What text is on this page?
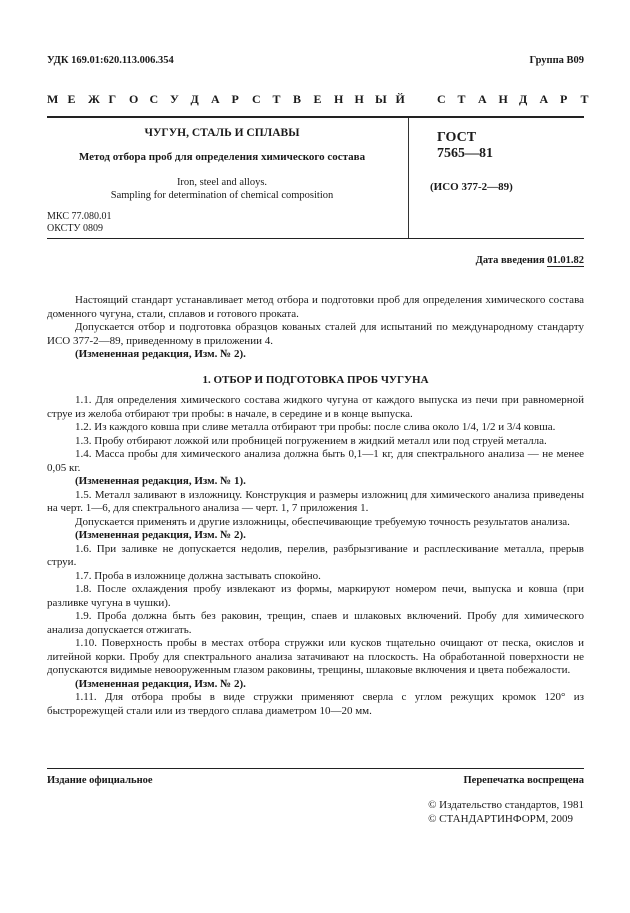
УДК 169.01:620.113.006.354	Группа В09
М Е Ж Г О С У Д А Р С Т В Е Н Н Ы Й	С Т А Н Д А Р Т
ЧУГУН, СТАЛЬ И СПЛАВЫ
Метод отбора проб для определения химического состава
Iron, steel and alloys.
Sampling for determination of chemical composition
ГОСТ
7565—81
(ИСО 377-2—89)
МКС 77.080.01
ОКСТУ 0809
Дата введения 01.01.82

Настоящий стандарт устанавливает метод отбора и подготовки проб для определения химического состава доменного чугуна, стали, сплавов и готового проката.

Допускается отбор и подготовка образцов кованых сталей для испытаний по международному стандарту ИСО 377-2—89, приведенному в приложении 4.

(Измененная редакция, Изм. № 2).

1. ОТБОР И ПОДГОТОВКА ПРОБ ЧУГУНА

1.1. Для определения химического состава жидкого чугуна от каждого выпуска из печи при равномерной струе из желоба отбирают три пробы: в начале, в середине и в конце выпуска.

1.2. Из каждого ковша при сливе металла отбирают три пробы: после слива около 1/4, 1/2 и 3/4 ковша.

1.3. Пробу отбирают ложкой или пробницей погружением в жидкий металл или под струей металла.

1.4. Масса пробы для химического анализа должна быть 0,1—1 кг, для спектрального анализа — не менее 0,05 кг.

(Измененная редакция, Изм. № 1).

1.5. Металл заливают в изложницу. Конструкция и размеры изложниц для химического анализа приведены на черт. 1—6, для спектрального анализа — черт. 1, 7 приложения 1.

Допускается применять и другие изложницы, обеспечивающие требуемую точность результатов анализа.

(Измененная редакция, Изм. № 2).

1.6. При заливке не допускается недолив, перелив, разбрызгивание и расплескивание металла, прерыв струи.

1.7. Проба в изложнице должна застывать спокойно.

1.8. После охлаждения пробу извлекают из формы, маркируют номером печи, выпуска и ковша (при разливке чугуна в чушки).

1.9. Проба должна быть без раковин, трещин, спаев и шлаковых включений. Пробу для химического анализа допускается отжигать.

1.10. Поверхность пробы в местах отбора стружки или кусков тщательно очищают от песка, окислов и литейной корки. Пробу для спектрального анализа затачивают на плоскость. На обработанной поверхности не допускаются видимые невооруженным глазом раковины, трещины, шлаковые включения и цвета побежалости.

(Измененная редакция, Изм. № 2).

1.11. Для отбора пробы в виде стружки применяют сверла с углом режущих кромок 120° из быстрорежущей стали или из твердого сплава диаметром 10—20 мм.

Издание официальное	Перепечатка воспрещена
© Издательство стандартов, 1981
© СТАНДАРТИНФОРМ, 2009
